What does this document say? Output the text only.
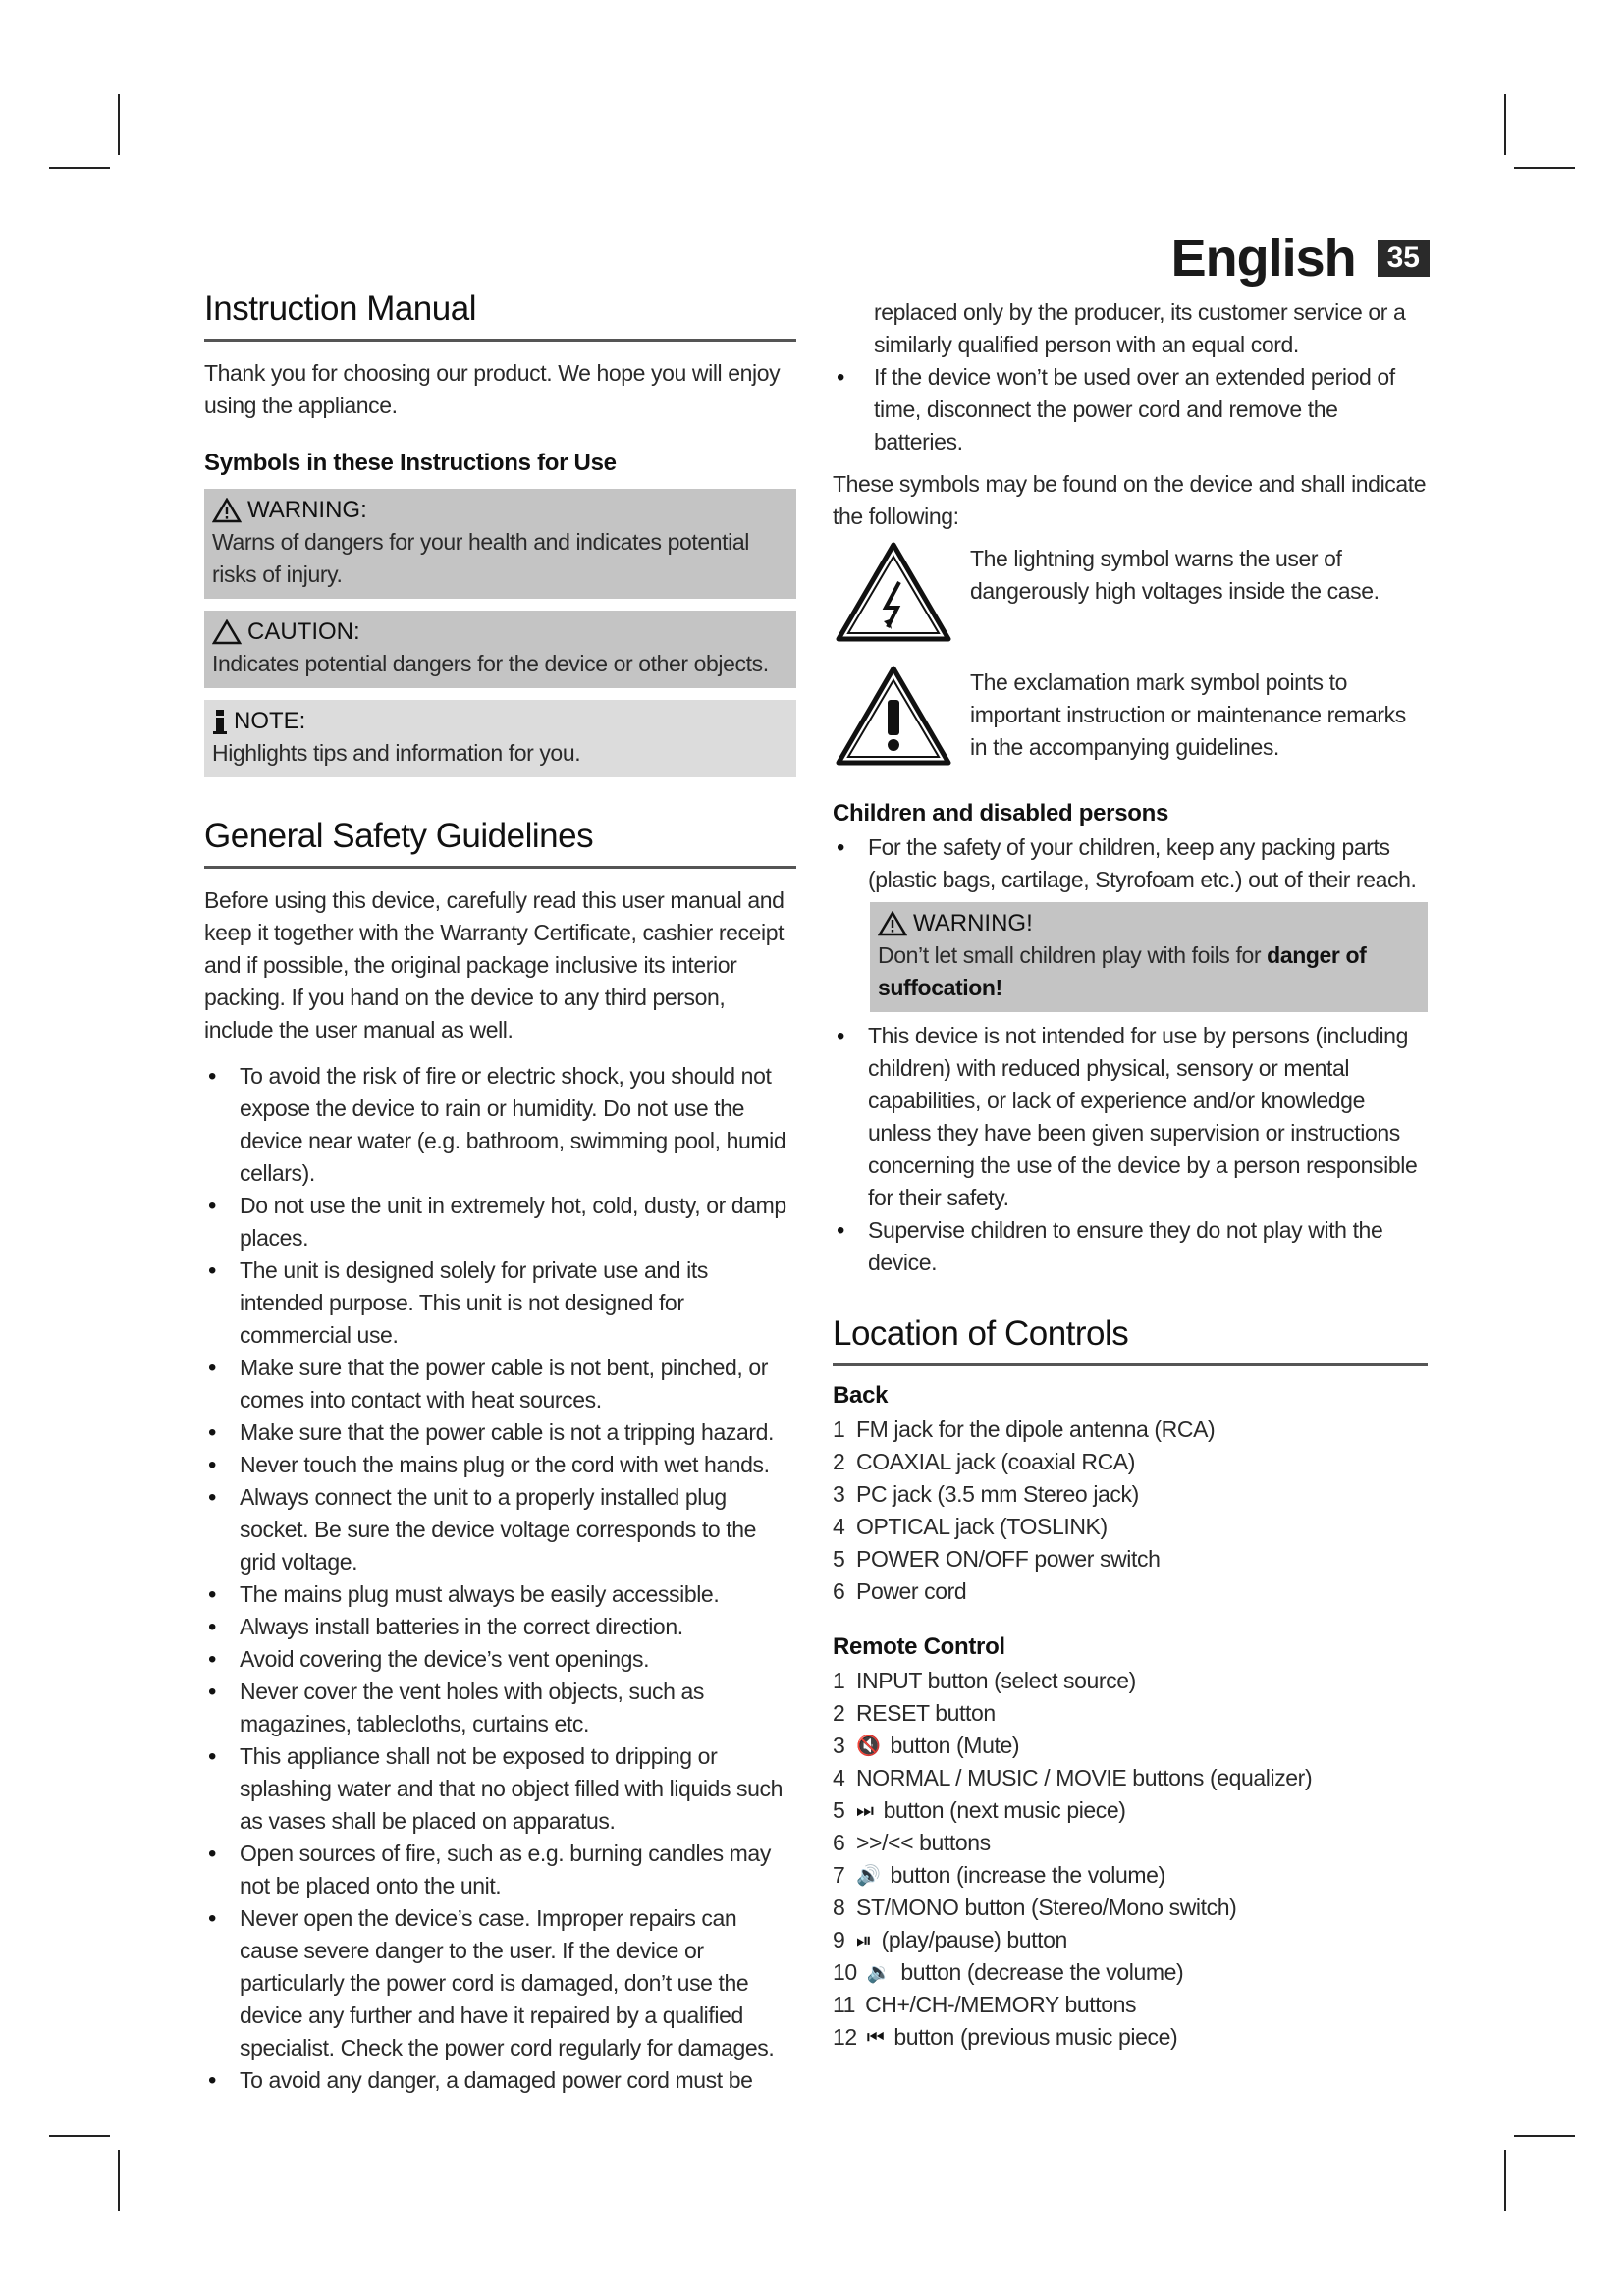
English	35
Instruction Manual

Thank you for choosing our product. We hope you will enjoy using the appliance.

Symbols in these Instructions for Use
WARNING:
Warns of dangers for your health and indicates potential risks of injury.
CAUTION:
Indicates potential dangers for the device or other objects.
NOTE:
Highlights tips and information for you.
General Safety Guidelines

Before using this device, carefully read this user manual and keep it together with the Warranty Certificate, cashier receipt and if possible, the original package inclusive its interior packing. If you hand on the device to any third person, include the user manual as well.

• To avoid the risk of fire or electric shock, you should not expose the device to rain or humidity. Do not use the device near water (e.g. bathroom, swimming pool, humid cellars).
• Do not use the unit in extremely hot, cold, dusty, or damp places.
• The unit is designed solely for private use and its intended purpose. This unit is not designed for commercial use.
• Make sure that the power cable is not bent, pinched, or comes into contact with heat sources.
• Make sure that the power cable is not a tripping hazard.
• Never touch the mains plug or the cord with wet hands.
• Always connect the unit to a properly installed plug socket. Be sure the device voltage corresponds to the grid voltage.
• The mains plug must always be easily accessible.
• Always install batteries in the correct direction.
• Avoid covering the device’s vent openings.
• Never cover the vent holes with objects, such as magazines, tablecloths, curtains etc.
• This appliance shall not be exposed to dripping or splashing water and that no object filled with liquids such as vases shall be placed on apparatus.
• Open sources of fire, such as e.g. burning candles may not be placed onto the unit.
• Never open the device’s case. Improper repairs can cause severe danger to the user. If the device or particularly the power cord is damaged, don’t use the device any further and have it repaired by a qualified specialist. Check the power cord regularly for damages.
• To avoid any danger, a damaged power cord must be

replaced only by the producer, its customer service or a similarly qualified person with an equal cord.

• If the device won’t be used over an extended period of time, disconnect the power cord and remove the batteries.

These symbols may be found on the device and shall indicate the following:

The lightning symbol warns the user of dangerously high voltages inside the case.
The exclamation mark symbol points to important instruction or maintenance remarks in the accompanying guidelines.
Children and disabled persons
• For the safety of your children, keep any packing parts (plastic bags, cartilage, Styrofoam etc.) out of their reach.
WARNING!
Don’t let small children play with foils for danger of suffocation!
• This device is not intended for use by persons (including children) with reduced physical, sensory or mental capabilities, or lack of experience and/or knowledge unless they have been given supervision or instructions concerning the use of the device by a person responsible for their safety.
• Supervise children to ensure they do not play with the device.
Location of Controls
Back
1 FM jack for the dipole antenna (RCA)
2 COAXIAL jack (coaxial RCA)
3 PC jack (3.5 mm Stereo jack)
4 OPTICAL jack (TOSLINK)
5 POWER ON/OFF power switch
6 Power cord
Remote Control
1 INPUT button (select source)
2 RESET button
3 🔇 button (Mute)
4 NORMAL / MUSIC / MOVIE buttons (equalizer)
5 ⏭ button (next music piece)
6 >>/<< buttons
7 🔊 button (increase the volume)
8 ST/MONO button (Stereo/Mono switch)
9 ⏯ (play/pause) button
10 🔉 button (decrease the volume)
11 CH+/CH-/MEMORY buttons
12 ⏮ button (previous music piece)
